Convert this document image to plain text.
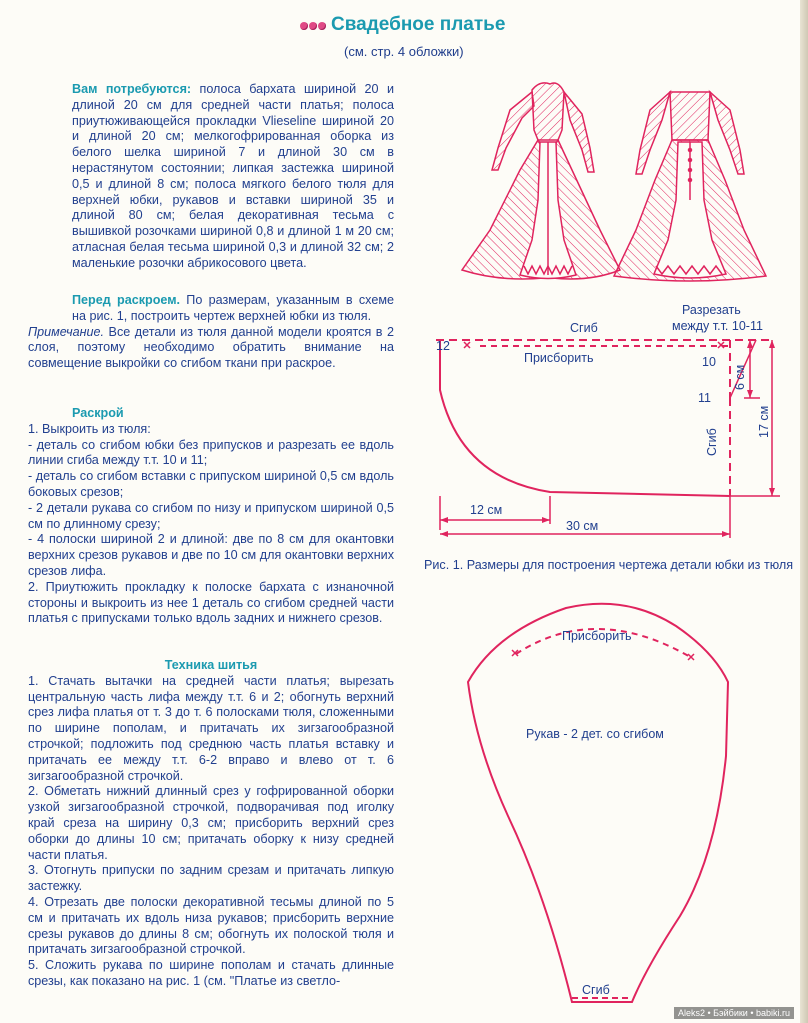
Свадебное платье
(см. стр. 4 обложки)

Вам потребуются: полоса бархата шириной 20 и длиной 20 см для средней части платья; полоса приутюживающейся прокладки Vlieseline шириной 20 и длиной 20 см; мелкогофрированная оборка из белого шелка шириной 7 и длиной 30 см в нерастянутом состоянии; липкая застежка шириной 0,5 и длиной 8 см; полоса мягкого белого тюля для верхней юбки, рукавов и вставки шириной 35 и длиной 80 см; белая декоративная тесьма с вышивкой розочками шириной 0,8 и длиной 1 м 20 см; атласная белая тесьма шириной 0,3 и длиной 32 см; 2 маленькие розочки абрикосового цвета.

Перед раскроем. По размерам, указанным в схеме на рис. 1, построить чертеж верхней юбки из тюля.

Примечание. Все детали из тюля данной модели кроятся в 2 слоя, поэтому необходимо обратить внимание на совмещение выкройки со сгибом ткани при раскрое.

Раскрой

1. Выкроить из тюля:

- деталь со сгибом юбки без припусков и разрезать ее вдоль линии сгиба между т.т. 10 и 11;

- деталь со сгибом вставки с припуском шириной 0,5 см вдоль боковых срезов;

- 2 детали рукава со сгибом по низу и припуском шириной 0,5 см по длинному срезу;

- 4 полоски шириной 2 и длиной: две по 8 см для окантовки верхних срезов рукавов и две по 10 см для окантовки верхних срезов лифа.

2. Приутюжить прокладку к полоске бархата с изнаночной стороны и выкроить из нее 1 деталь со сгибом средней части платья с припусками только вдоль задних и нижнего срезов.

Техника шитья

1. Стачать вытачки на средней части платья; вырезать центральную часть лифа между т.т. 6 и 2; обогнуть верхний срез лифа платья от т. 3 до т. 6 полосками тюля, сложенными по ширине пополам, и притачать их зигзагообразной строчкой; подложить под среднюю часть платья вставку и притачать ее между т.т. 6-2 вправо и влево от т. 6 зигзагообразной строчкой.

2. Обметать нижний длинный срез у гофрированной оборки узкой зигзагообразной строчкой, подворачивая под иголку край среза на ширину 0,3 см; присборить верхний срез оборки до длины 10 см; притачать оборку к низу средней части платья.

3. Отогнуть припуски по задним срезам и притачать липкую застежку.

4. Отрезать две полоски декоративной тесьмы длиной по 5 см и притачать их вдоль низа рукавов; присборить верхние срезы рукавов до длины 8 см; обогнуть их полоской тюля и притачать зигзагообразной строчкой.

5. Сложить рукава по ширине пополам и стачать длинные срезы, как показано на рис. 1 (см. "Платье из светло-

Сгиб
Разрезать
между т.т. 10-11
Присборить
12
10
11
6 см
17 см
Сгиб
12 см
30 см
Рис. 1. Размеры для построения чертежа детали юбки из тюля
Присборить
Рукав - 2 дет. со сгибом
Сгиб
Aleks2 • Бэйбики • babiki.ru
